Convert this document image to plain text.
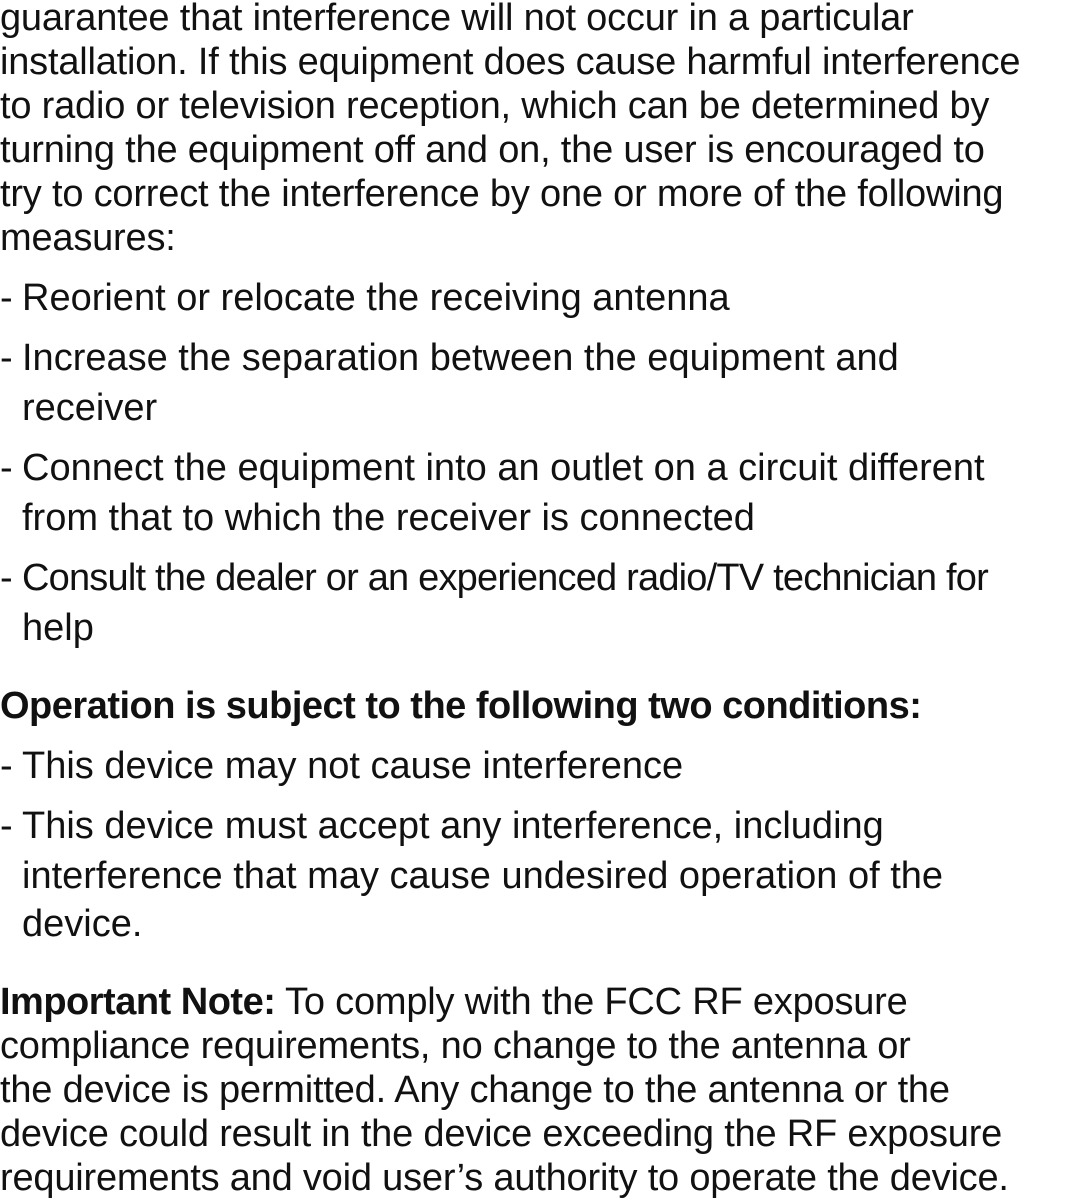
guarantee that interference will not occur in a particular
installation. If this equipment does cause harmful interference
to radio or television reception, which can be determined by
turning the equipment off and on, the user is encouraged to
try to correct the interference by one or more of the following
measures:
- Reorient or relocate the receiving antenna
- Increase the separation between the equipment and
receiver
- Connect the equipment into an outlet on a circuit different
from that to which the receiver is connected
- Consult the dealer or an experienced radio/TV technician for
help
Operation is subject to the following two conditions:
- This device may not cause interference
- This device must accept any interference, including
interference that may cause undesired operation of the
device.
Important Note: To comply with the FCC RF exposure
compliance requirements, no change to the antenna or
the device is permitted. Any change to the antenna or the
device could result in the device exceeding the RF exposure
requirements and void user’s authority to operate the device.
